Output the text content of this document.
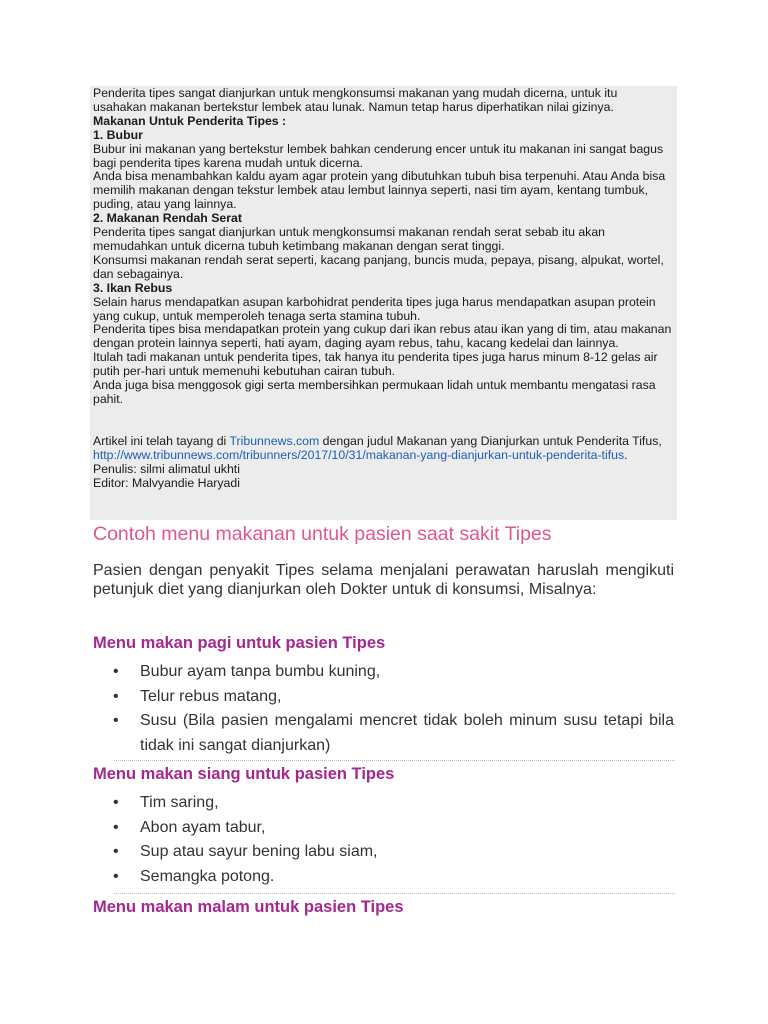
Penderita tipes sangat dianjurkan untuk mengkonsumsi makanan yang mudah dicerna, untuk itu usahakan makanan bertekstur lembek atau lunak. Namun tetap harus diperhatikan nilai gizinya.

Makanan Untuk Penderita Tipes :

1. Bubur

Bubur ini makanan yang bertekstur lembek bahkan cenderung encer untuk itu makanan ini sangat bagus bagi penderita tipes karena mudah untuk dicerna.

Anda bisa menambahkan kaldu ayam agar protein yang dibutuhkan tubuh bisa terpenuhi. Atau Anda bisa memilih makanan dengan tekstur lembek atau lembut lainnya seperti, nasi tim ayam, kentang tumbuk, puding, atau yang lainnya.

2. Makanan Rendah Serat

Penderita tipes sangat dianjurkan untuk mengkonsumsi makanan rendah serat sebab itu akan memudahkan untuk dicerna tubuh ketimbang makanan dengan serat tinggi.

Konsumsi makanan rendah serat seperti, kacang panjang, buncis muda, pepaya, pisang, alpukat, wortel, dan sebagainya.

3. Ikan Rebus

Selain harus mendapatkan asupan karbohidrat penderita tipes juga harus mendapatkan asupan protein yang cukup, untuk memperoleh tenaga serta stamina tubuh.

Penderita tipes bisa mendapatkan protein yang cukup dari ikan rebus atau ikan yang di tim, atau makanan dengan protein lainnya seperti, hati ayam, daging ayam rebus, tahu, kacang kedelai dan lainnya.

Itulah tadi makanan untuk penderita tipes, tak hanya itu penderita tipes juga harus minum 8-12 gelas air putih per-hari untuk memenuhi kebutuhan cairan tubuh.

Anda juga bisa menggosok gigi serta membersihkan permukaan lidah untuk membantu mengatasi rasa pahit.

Artikel ini telah tayang di Tribunnews.com dengan judul Makanan yang Dianjurkan untuk Penderita Tifus, http://www.tribunnews.com/tribunners/2017/10/31/makanan-yang-dianjurkan-untuk-penderita-tifus.

Penulis: silmi alimatul ukhti

Editor: Malvyandie Haryadi

Contoh menu makanan untuk pasien saat sakit Tipes

Pasien dengan penyakit Tipes selama menjalani perawatan haruslah mengikuti petunjuk diet yang dianjurkan oleh Dokter untuk di konsumsi, Misalnya:

Menu makan pagi untuk pasien Tipes
• Bubur ayam tanpa bumbu kuning,
• Telur rebus matang,
• Susu (Bila pasien mengalami mencret tidak boleh minum susu tetapi bila tidak ini sangat dianjurkan)
Menu makan siang untuk pasien Tipes
• Tim saring,
• Abon ayam tabur,
• Sup atau sayur bening labu siam,
• Semangka potong.
Menu makan malam untuk pasien Tipes
